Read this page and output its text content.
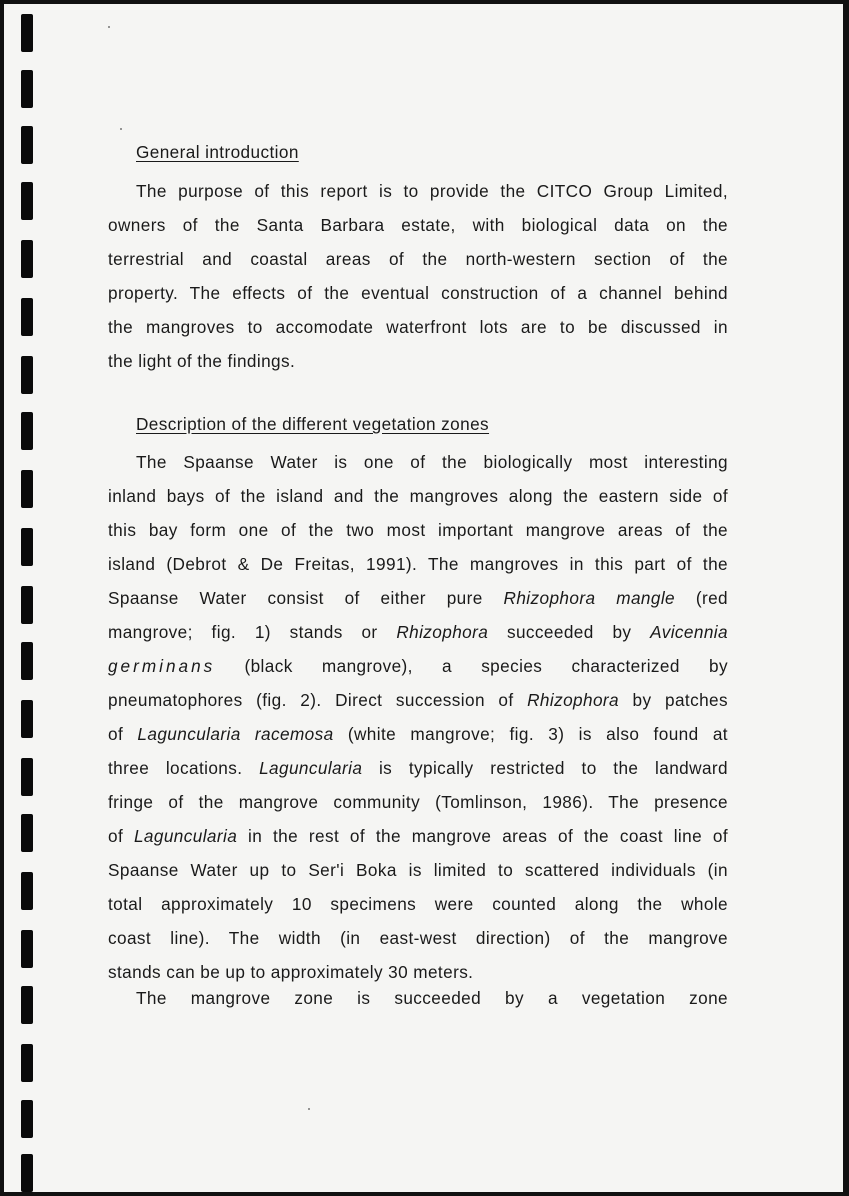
General introduction
The purpose of this report is to provide the CITCO Group Limited,
owners of the Santa Barbara estate, with biological data on the
terrestrial and coastal areas of the north-western section of the
property. The effects of the eventual construction of a channel behind
the mangroves to accomodate waterfront lots are to be discussed in
the light of the findings.
Description of the different vegetation zones
The Spaanse Water is one of the biologically most interesting
inland bays of the island and the mangroves along the eastern side of
this bay form one of the two most important mangrove areas of the
island (Debrot & De Freitas, 1991). The mangroves in this part of the
Spaanse Water consist of either pure Rhizophora mangle (red
mangrove; fig. 1) stands or Rhizophora succeeded by Avicennia
germinans (black mangrove), a species characterized by
pneumatophores (fig. 2). Direct succession of Rhizophora by patches
of Laguncularia racemosa (white mangrove; fig. 3) is also found at
three locations. Laguncularia is typically restricted to the landward
fringe of the mangrove community (Tomlinson, 1986). The presence
of Laguncularia in the rest of the mangrove areas of the coast line of
Spaanse Water up to Ser'i Boka is limited to scattered individuals (in
total approximately 10 specimens were counted along the whole
coast line). The width (in east-west direction) of the mangrove
stands can be up to approximately 30 meters.
The mangrove zone is succeeded by a vegetation zone
